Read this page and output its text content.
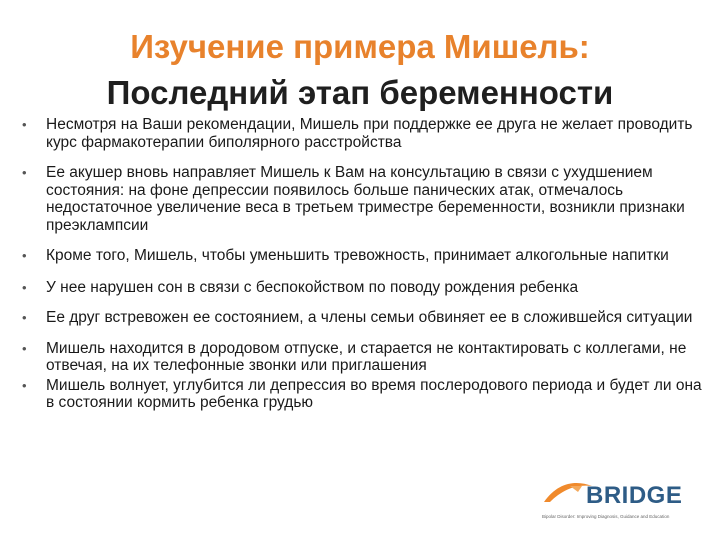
Изучение примера Мишель:
Последний этап беременности
• Несмотря на Ваши рекомендации, Мишель при поддержке ее друга не желает проводить курс фармакотерапии биполярного расстройства
• Ее акушер вновь направляет Мишель к Вам на консультацию в связи с ухудшением состояния: на фоне депрессии появилось больше панических атак, отмечалось недостаточное увеличение веса в третьем триместре беременности, возникли признаки преэклампсии
• Кроме того, Мишель, чтобы уменьшить тревожность, принимает алкогольные напитки
• У нее нарушен сон в связи с беспокойством по поводу рождения ребенка
• Ее друг встревожен ее состоянием, а члены семьи обвиняет ее в сложившейся ситуации
• Мишель находится в дородовом отпуске, и старается не контактировать с коллегами, не отвечая, на их телефонные звонки или приглашения
• Мишель волнует, углубится ли депрессия во время послеродового периода и будет ли она в состоянии кормить ребенка грудью
BRIDGE
Bipolar Disorder: Improving Diagnosis, Guidance and Education
